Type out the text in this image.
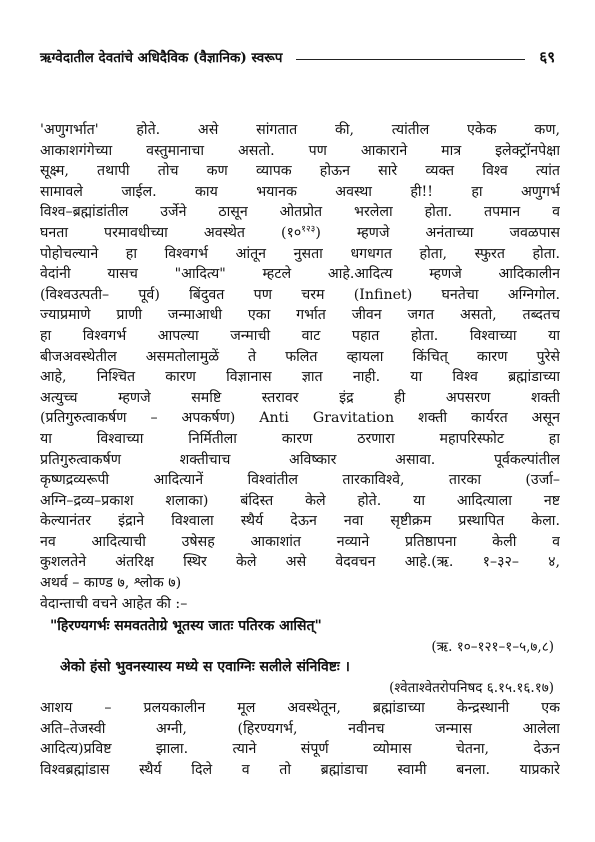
ऋग्वेदातील देवतांचे अधिदैविक (वैज्ञानिक) स्वरूप	६९
'अणुगर्भात' होते. असे सांगतात की, त्यांतील एकेक कण,
आकाशगंगेच्या वस्तुमानाचा असतो. पण आकाराने मात्र इलेक्ट्रॉनपेक्षा
सूक्ष्म, तथापी तोच कण व्यापक होऊन सारे व्यक्त विश्व त्यांत
सामावले जाईल. काय भयानक अवस्था ही!! हा अणुगर्भ
विश्व–ब्रह्मांडांतील उर्जेने ठासून ओतप्रोत भरलेला होता. तपमान व
घनता परमावधीच्या अवस्थेत $(१०^{१२३})$ म्हणजे अनंताच्या जवळपास
पोहोचल्याने हा विश्वगर्भ आंतून नुसता धगधगत होता, स्फुरत होता.
वेदांनी यासच "आदित्य" म्हटले आहे.आदित्य म्हणजे आदिकालीन
(विश्वउत्पती– पूर्व) बिंदुवत पण चरम (Infinet) घनतेचा अग्निगोल.
ज्याप्रमाणे प्राणी जन्माआधी एका गर्भात जीवन जगत असतो, तब्दतच
हा विश्वगर्भ आपल्या जन्माची वाट पहात होता. विश्वाच्या या
बीजअवस्थेतील असमतोलामुळें ते फलित व्हायला किंचित् कारण पुरेसे
आहे, निश्चित कारण विज्ञानास ज्ञात नाही. या विश्व ब्रह्मांडाच्या
अत्युच्च म्हणजे समष्टि स्तरावर इंद्र ही अपसरण शक्ती
(प्रतिगुरुत्वाकर्षण – अपकर्षण) Anti Gravitation शक्ती कार्यरत असून
या विश्वाच्या निर्मितीला कारण ठरणारा महापरिस्फोट हा
प्रतिगुरुत्वाकर्षण शक्तीचाच अविष्कार असावा. पूर्वकल्पांतील
कृष्णद्रव्यरूपी आदित्यानें विश्वांतील तारकाविश्वे, तारका (उर्जा–
अग्नि–द्रव्य–प्रकाश शलाका) बंदिस्त केले होते. या आदित्याला नष्ट
केल्यानंतर इंद्राने विश्वाला स्थैर्य देऊन नवा सृष्टीक्रम प्रस्थापित केला.
नव आदित्याची उषेसह आकाशांत नव्याने प्रतिष्ठापना केली व
कुशलतेने अंतरिक्ष स्थिर केले असे वेदवचन आहे.(ऋ. १–३२– ४,
अथर्व – काण्ड ७, श्लोक ७)
वेदान्ताची वचने आहेत की :–
"हिरण्यगर्भः समवततेाग्रे भूतस्य जातः पतिरक आसित्"
(ऋ. १०–१२१–१–५,७,८)
अेको हंसो भुवनस्यास्य मध्ये स एवाग्निः सलीले संनिविष्टः ।
(श्वेताश्वेतरोपनिषद ६.१५.१६.१७)
आशय – प्रलयकालीन मूल अवस्थेतून, ब्रह्मांडाच्या केन्द्रस्थानी एक
अति–तेजस्वी अग्नी, (हिरण्यगर्भ, नवीनच जन्मास आलेला
आदित्य)प्रविष्ट झाला. त्याने संपूर्ण व्योमास चेतना, देऊन
विश्वब्रह्मांडास स्थैर्य दिले व तो ब्रह्मांडाचा स्वामी बनला. याप्रकारे
